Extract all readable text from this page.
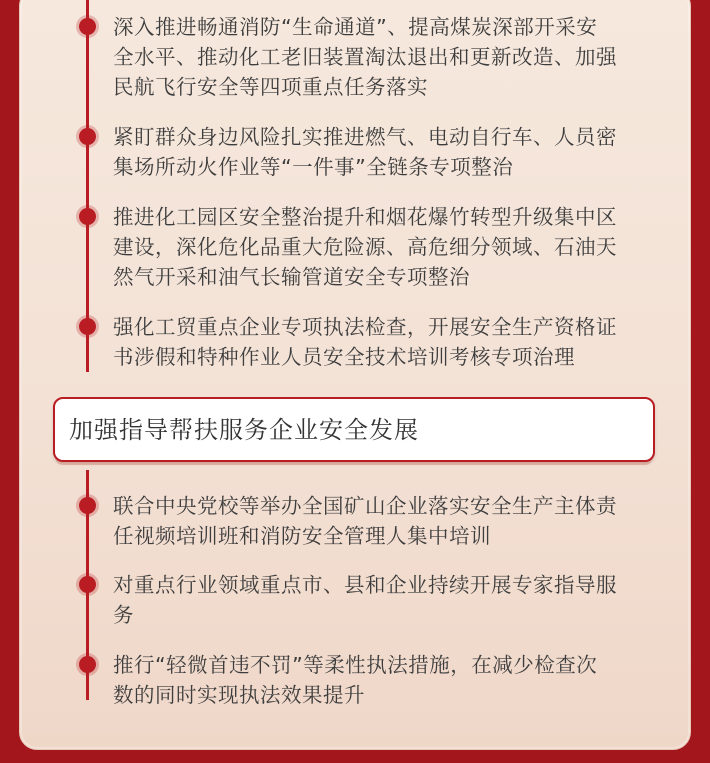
深入推进畅通消防“生命通道”、提高煤炭深部开采安
全水平、推动化工老旧装置淘汰退出和更新改造、加强
民航飞行安全等四项重点任务落实

紧盯群众身边风险扎实推进燃气、电动自行车、人员密
集场所动火作业等“一件事”全链条专项整治

推进化工园区安全整治提升和烟花爆竹转型升级集中区
建设，深化危化品重大危险源、高危细分领域、石油天
然气开采和油气长输管道安全专项整治

强化工贸重点企业专项执法检查，开展安全生产资格证
书涉假和特种作业人员安全技术培训考核专项治理

加强指导帮扶服务企业安全发展

联合中央党校等举办全国矿山企业落实安全生产主体责
任视频培训班和消防安全管理人集中培训

对重点行业领域重点市、县和企业持续开展专家指导服
务

推行“轻微首违不罚”等柔性执法措施，在减少检查次
数的同时实现执法效果提升
